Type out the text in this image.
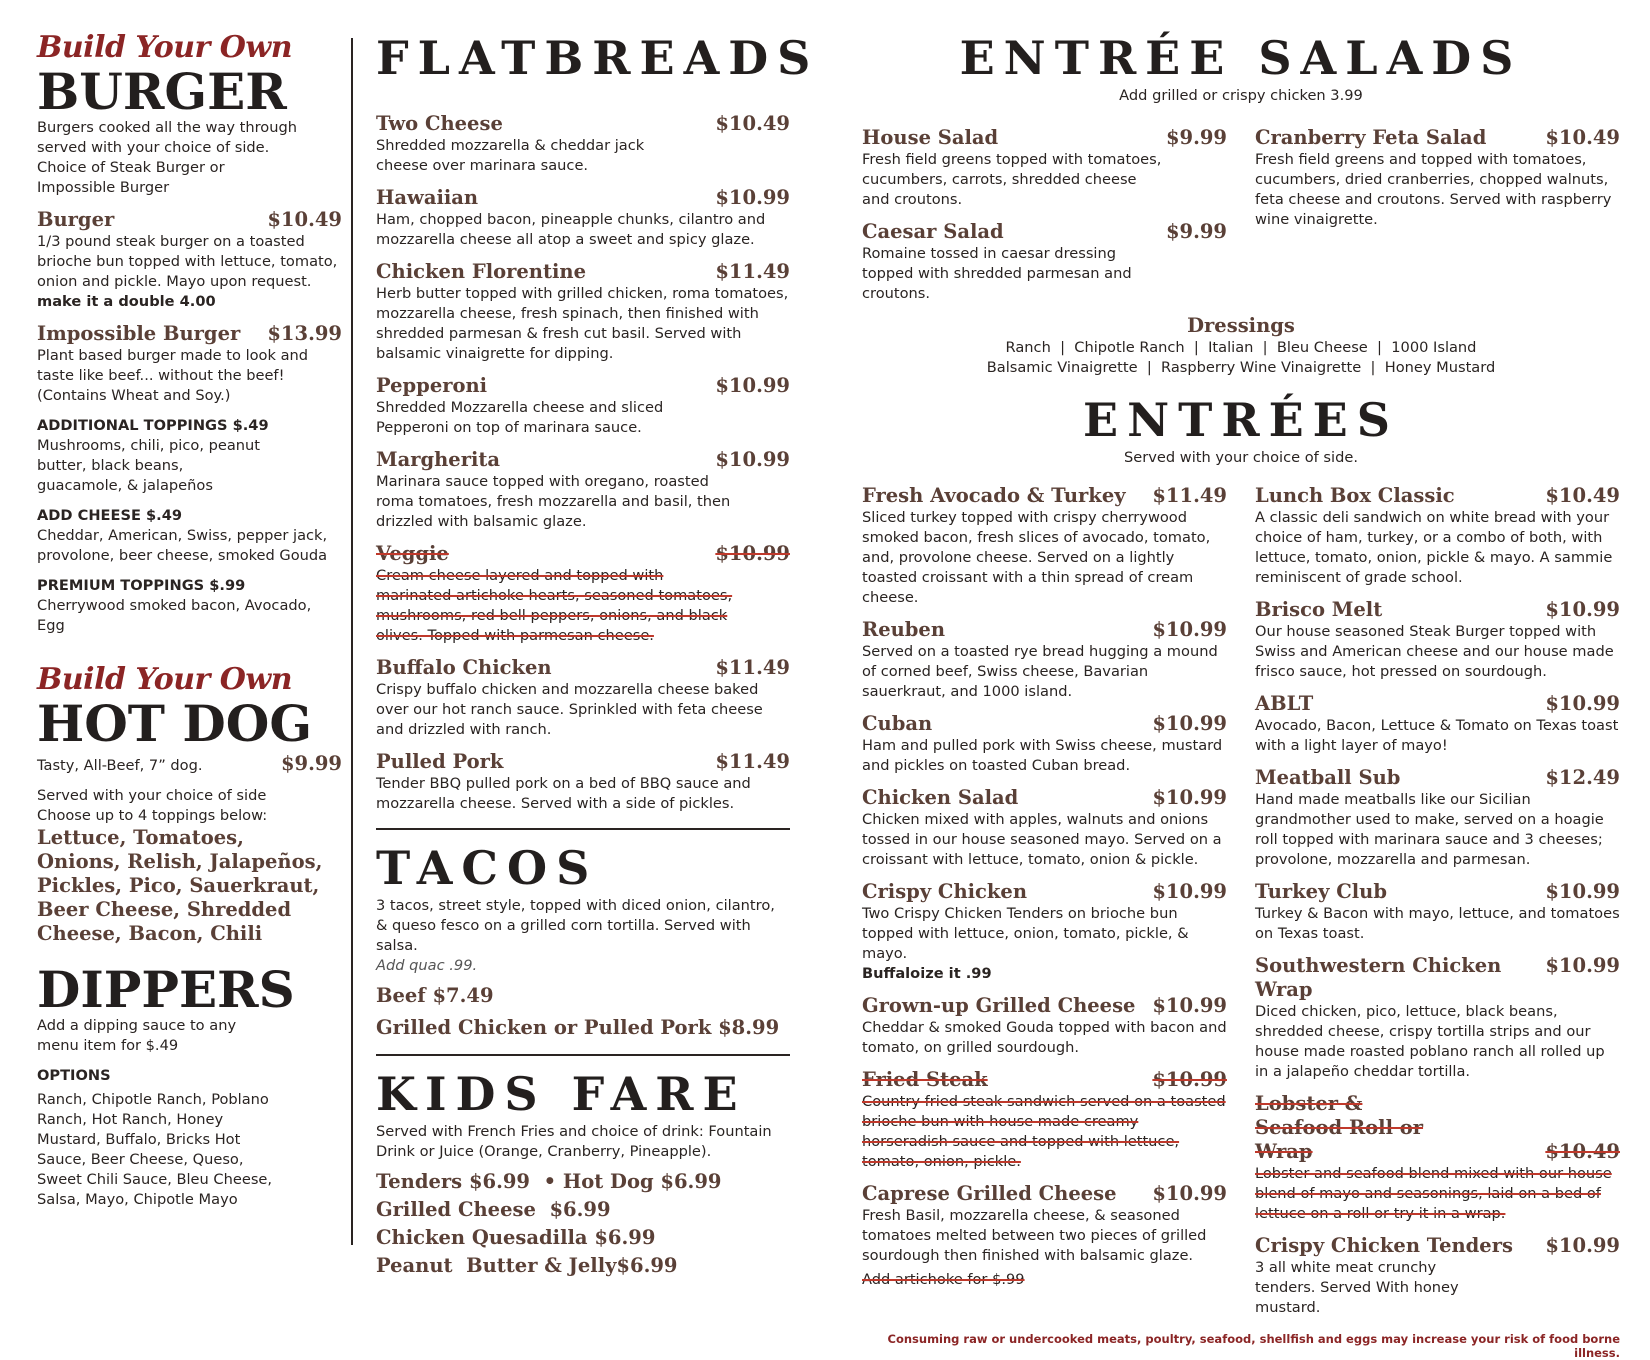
Build Your Own
BURGER
Burgers cooked all the way through served with your choice of side. Choice of Steak Burger or Impossible Burger
Burger	$10.49
1/3 pound steak burger on a toasted brioche bun topped with lettuce, tomato, onion and pickle. Mayo upon request.
make it a double 4.00
Impossible Burger $13.99
Plant based burger made to look and taste like beef... without the beef! (Contains Wheat and Soy.)
ADDITIONAL TOPPINGS $.49
Mushrooms, chili, pico, peanut butter, black beans, guacamole, & jalapeños
ADD CHEESE $.49
Cheddar, American, Swiss, pepper jack, provolone, beer cheese, smoked Gouda
PREMIUM TOPPINGS $.99
Cherrywood smoked bacon, Avocado, Egg
Build Your Own
HOT DOG
Tasty, All-Beef, 7” dog.	$9.99
Served with your choice of side
Choose up to 4 toppings below:
Lettuce, Tomatoes, Onions, Relish, Jalapeños, Pickles, Pico, Sauerkraut, Beer Cheese, Shredded Cheese, Bacon, Chili
DIPPERS
Add a dipping sauce to any menu item for $.49
OPTIONS
Ranch, Chipotle Ranch, Poblano Ranch, Hot Ranch, Honey Mustard, Buffalo, Bricks Hot Sauce, Beer Cheese, Queso, Sweet Chili Sauce, Bleu Cheese, Salsa, Mayo, Chipotle Mayo
FLATBREADS
Two Cheese	$10.49
Shredded mozzarella & cheddar jack cheese over marinara sauce.
Hawaiian	$10.99
Ham, chopped bacon, pineapple chunks, cilantro and mozzarella cheese all atop a sweet and spicy glaze.
Chicken Florentine	$11.49
Herb butter topped with grilled chicken, roma tomatoes, mozzarella cheese, fresh spinach, then finished with shredded parmesan & fresh cut basil. Served with balsamic vinaigrette for dipping.
Pepperoni	$10.99
Shredded Mozzarella cheese and sliced Pepperoni on top of marinara sauce.
Margherita	$10.99
Marinara sauce topped with oregano, roasted roma tomatoes, fresh mozzarella and basil, then drizzled with balsamic glaze.
Veggie	$10.99
Cream cheese layered and topped with marinated artichoke hearts, seasoned tomatoes, mushrooms, red bell peppers, onions, and black olives. Topped with parmesan cheese.
Buffalo Chicken	$11.49
Crispy buffalo chicken and mozzarella cheese baked over our hot ranch sauce. Sprinkled with feta cheese and drizzled with ranch.
Pulled Pork	$11.49
Tender BBQ pulled pork on a bed of BBQ sauce and mozzarella cheese. Served with a side of pickles.
TACOS
3 tacos, street style, topped with diced onion, cilantro, & queso fesco on a grilled corn tortilla. Served with salsa.
Add quac .99.
Beef $7.49
Grilled Chicken or Pulled Pork $8.99
KIDS FARE
Served with French Fries and choice of drink: Fountain Drink or Juice (Orange, Cranberry, Pineapple).
Tenders $6.99  • Hot Dog $6.99
Grilled Cheese  $6.99
Chicken Quesadilla $6.99
Peanut  Butter & Jelly$6.99
ENTRÉE SALADS
Add grilled or crispy chicken 3.99
House Salad	$9.99
Fresh field greens topped with tomatoes, cucumbers, carrots, shredded cheese and croutons.
Caesar Salad	$9.99
Romaine tossed in caesar dressing topped with shredded parmesan and croutons.
Cranberry Feta Salad	$10.49
Fresh field greens and topped with tomatoes, cucumbers, dried cranberries, chopped walnuts, feta cheese and croutons. Served with raspberry wine vinaigrette.
Dressings
Ranch  |  Chipotle Ranch  |  Italian  |  Bleu Cheese  |  1000 Island
Balsamic Vinaigrette  |  Raspberry Wine Vinaigrette  |  Honey Mustard
ENTRÉES
Served with your choice of side.
Fresh Avocado & Turkey $11.49
Sliced turkey topped with crispy cherrywood smoked bacon, fresh slices of avocado, tomato, and, provolone cheese. Served on a lightly toasted croissant with a thin spread of cream cheese.
Reuben	$10.99
Served on a toasted rye bread hugging a mound of corned beef, Swiss cheese, Bavarian sauerkraut, and 1000 island.
Cuban	$10.99
Ham and pulled pork with Swiss cheese, mustard and pickles on toasted Cuban bread.
Chicken Salad	$10.99
Chicken mixed with apples, walnuts and onions tossed in our house seasoned mayo. Served on a croissant with lettuce, tomato, onion & pickle.
Crispy Chicken	$10.99
Two Crispy Chicken Tenders on brioche bun topped with lettuce, onion, tomato, pickle, & mayo.
Buffaloize it .99
Grown-up Grilled Cheese $10.99
Cheddar & smoked Gouda topped with bacon and tomato, on grilled sourdough.
Fried Steak	$10.99
Country fried steak sandwich served on a toasted brioche bun with house made creamy horseradish sauce and topped with lettuce, tomato, onion, pickle.
Caprese Grilled Cheese $10.99
Fresh Basil, mozzarella cheese, & seasoned tomatoes melted between two pieces of grilled sourdough then finished with balsamic glaze.
Add artichoke for $.99
Lunch Box Classic	$10.49
A classic deli sandwich on white bread with your choice of ham, turkey, or a combo of both, with lettuce, tomato, onion, pickle & mayo. A sammie reminiscent of grade school.
Brisco Melt	$10.99
Our house seasoned Steak Burger topped with Swiss and American cheese and our house made frisco sauce, hot pressed on sourdough.
ABLT	$10.99
Avocado, Bacon, Lettuce & Tomato on Texas toast with a light layer of mayo!
Meatball Sub	$12.49
Hand made meatballs like our Sicilian grandmother used to make, served on a hoagie roll topped with marinara sauce and 3 cheeses; provolone, mozzarella and parmesan.
Turkey Club	$10.99
Turkey & Bacon with mayo, lettuce, and tomatoes on Texas toast.
Southwestern Chicken Wrap
$10.99
Diced chicken, pico, lettuce, black beans, shredded cheese, crispy tortilla strips and our house made roasted poblano ranch all rolled up in a jalapeño cheddar tortilla.
Lobster & Seafood Roll or Wrap	$10.49
Lobster and seafood blend mixed with our house blend of mayo and seasonings, laid on a bed of lettuce on a roll or try it in a wrap.
Crispy Chicken Tenders $10.99
3 all white meat crunchy tenders. Served With honey mustard.
Consuming raw or undercooked meats, poultry, seafood, shellfish and eggs may increase your risk of food borne illness.
